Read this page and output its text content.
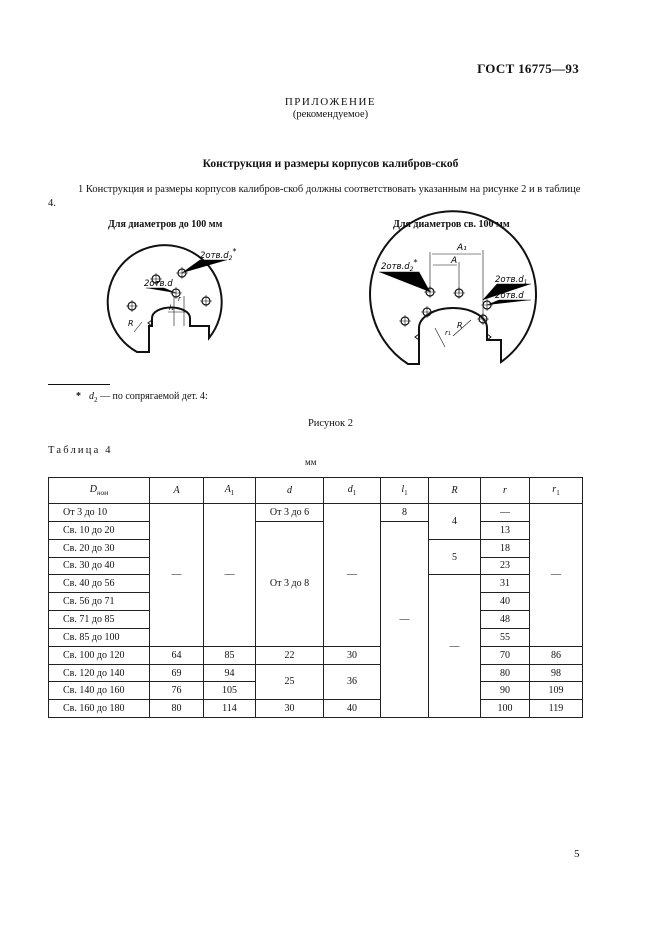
ГОСТ 16775—93
ПРИЛОЖЕНИЕ
(рекомендуемое)
Конструкция и размеры корпусов калибров-скоб
1 Конструкция и размеры корпусов калибров-скоб должны соответствовать указанным на рисунке 2 и в таблице 4.
Для диаметров до 100 мм	Для диаметров св. 100 мм
$2отв.d_2*$
2отв.d
l₁
r
R
A₁
A
$2отв.d_2*$
$2отв.d_1$
2отв.d
r₁
R
* $d_2$ — по сопрягаемой дет. 4:
Рисунок 2
Таблица 4
мм
$D_{ном}$	A	$A_1$	d	$d_1$	$l_1$	R	r	$r_1$
От 3 до 10	—	—	От 3 до 6	—	8	4	—	—
Св. 10 до 20			От 3 до 8		—		13	
Св. 20 до 30						5	18	
Св. 30 до 40							23	
Св. 40 до 56						—	31	
Св. 56 до 71							40	
Св. 71 до 85							48	
Св. 85 до 100							55	
Св. 100 до 120	64	85	22	30			70	86
Св. 120 до 140	69	94	25	36			80	98
Св. 140 до 160	76	105					90	109
Св. 160 до 180	80	114	30	40			100	119
5
